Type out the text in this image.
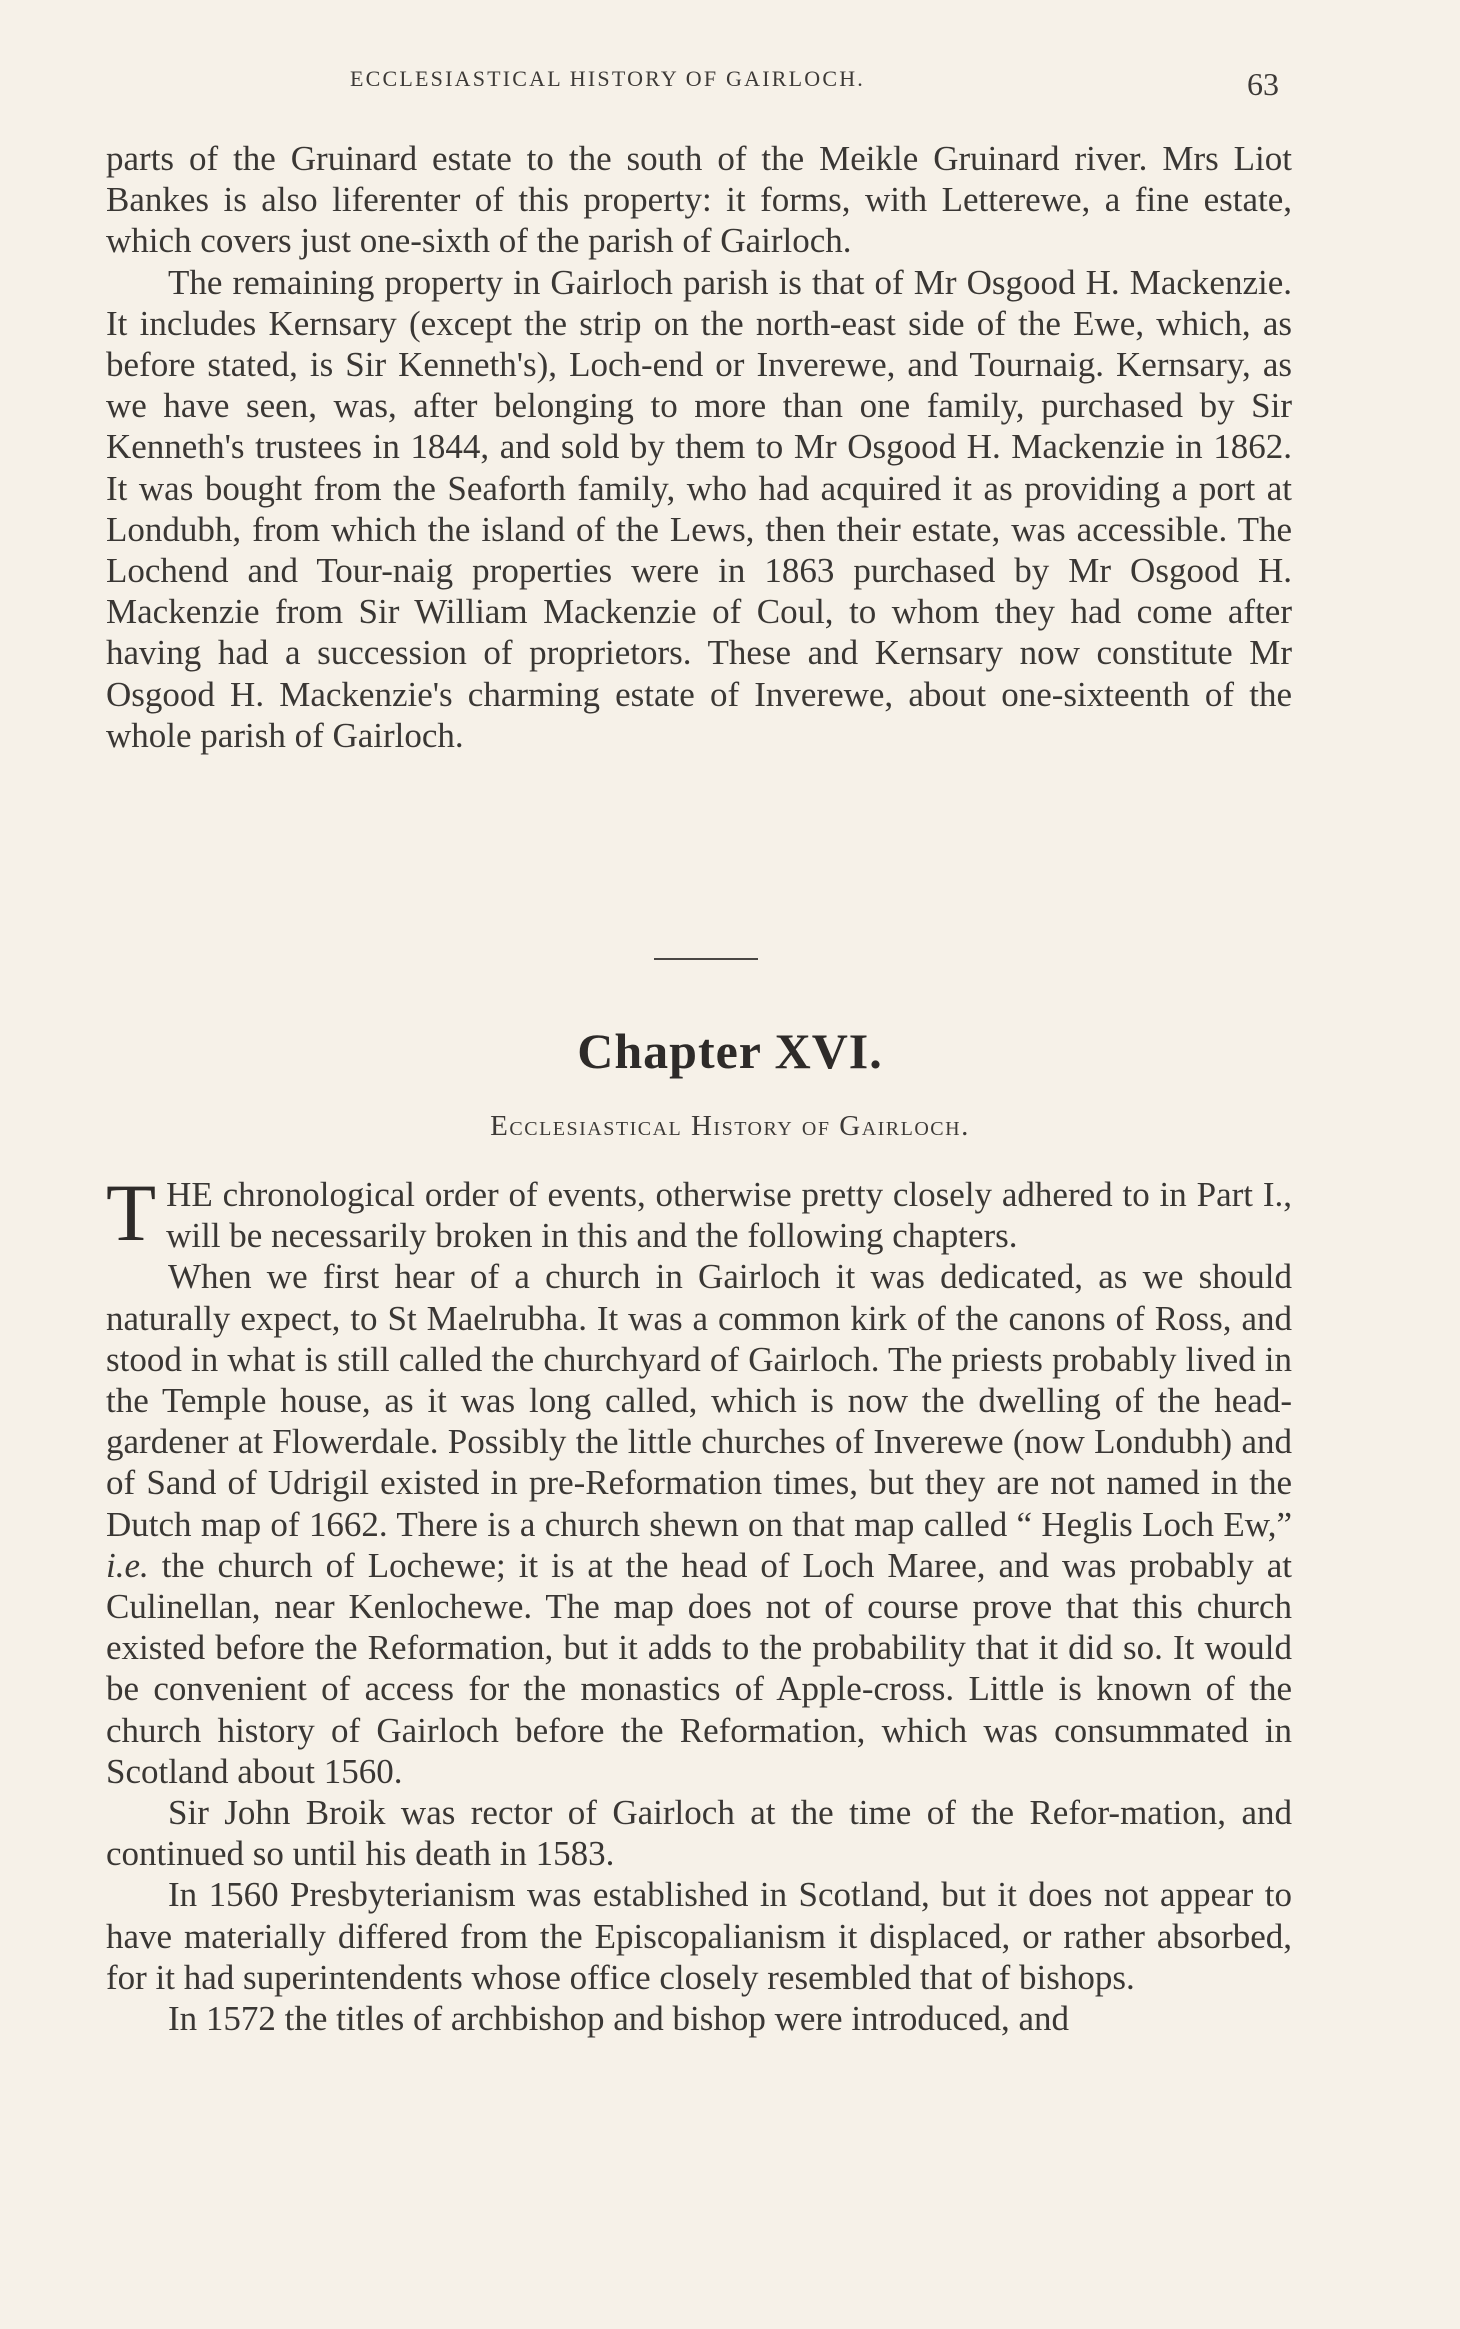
ECCLESIASTICAL HISTORY OF GAIRLOCH.	63

parts of the Gruinard estate to the south of the Meikle Gruinard river. Mrs Liot Bankes is also liferenter of this property: it forms, with Letterewe, a fine estate, which covers just one-sixth of the parish of Gairloch.

The remaining property in Gairloch parish is that of Mr Osgood H. Mackenzie. It includes Kernsary (except the strip on the north-east side of the Ewe, which, as before stated, is Sir Kenneth's), Loch-end or Inverewe, and Tournaig. Kernsary, as we have seen, was, after belonging to more than one family, purchased by Sir Kenneth's trustees in 1844, and sold by them to Mr Osgood H. Mackenzie in 1862. It was bought from the Seaforth family, who had acquired it as providing a port at Londubh, from which the island of the Lews, then their estate, was accessible. The Lochend and Tour-naig properties were in 1863 purchased by Mr Osgood H. Mackenzie from Sir William Mackenzie of Coul, to whom they had come after having had a succession of proprietors. These and Kernsary now constitute Mr Osgood H. Mackenzie's charming estate of Inverewe, about one-sixteenth of the whole parish of Gairloch.

Chapter XVI.
Ecclesiastical History of Gairloch.

THE chronological order of events, otherwise pretty closely adhered to in Part I., will be necessarily broken in this and the following chapters.

When we first hear of a church in Gairloch it was dedicated, as we should naturally expect, to St Maelrubha. It was a common kirk of the canons of Ross, and stood in what is still called the churchyard of Gairloch. The priests probably lived in the Temple house, as it was long called, which is now the dwelling of the head-gardener at Flowerdale. Possibly the little churches of Inverewe (now Londubh) and of Sand of Udrigil existed in pre-Reformation times, but they are not named in the Dutch map of 1662. There is a church shewn on that map called “ Heglis Loch Ew,” i.e. the church of Lochewe; it is at the head of Loch Maree, and was probably at Culinellan, near Kenlochewe. The map does not of course prove that this church existed before the Reformation, but it adds to the probability that it did so. It would be convenient of access for the monastics of Apple-cross. Little is known of the church history of Gairloch before the Reformation, which was consummated in Scotland about 1560.

Sir John Broik was rector of Gairloch at the time of the Refor-mation, and continued so until his death in 1583.

In 1560 Presbyterianism was established in Scotland, but it does not appear to have materially differed from the Episcopalianism it displaced, or rather absorbed, for it had superintendents whose office closely resembled that of bishops.

In 1572 the titles of archbishop and bishop were introduced, and
